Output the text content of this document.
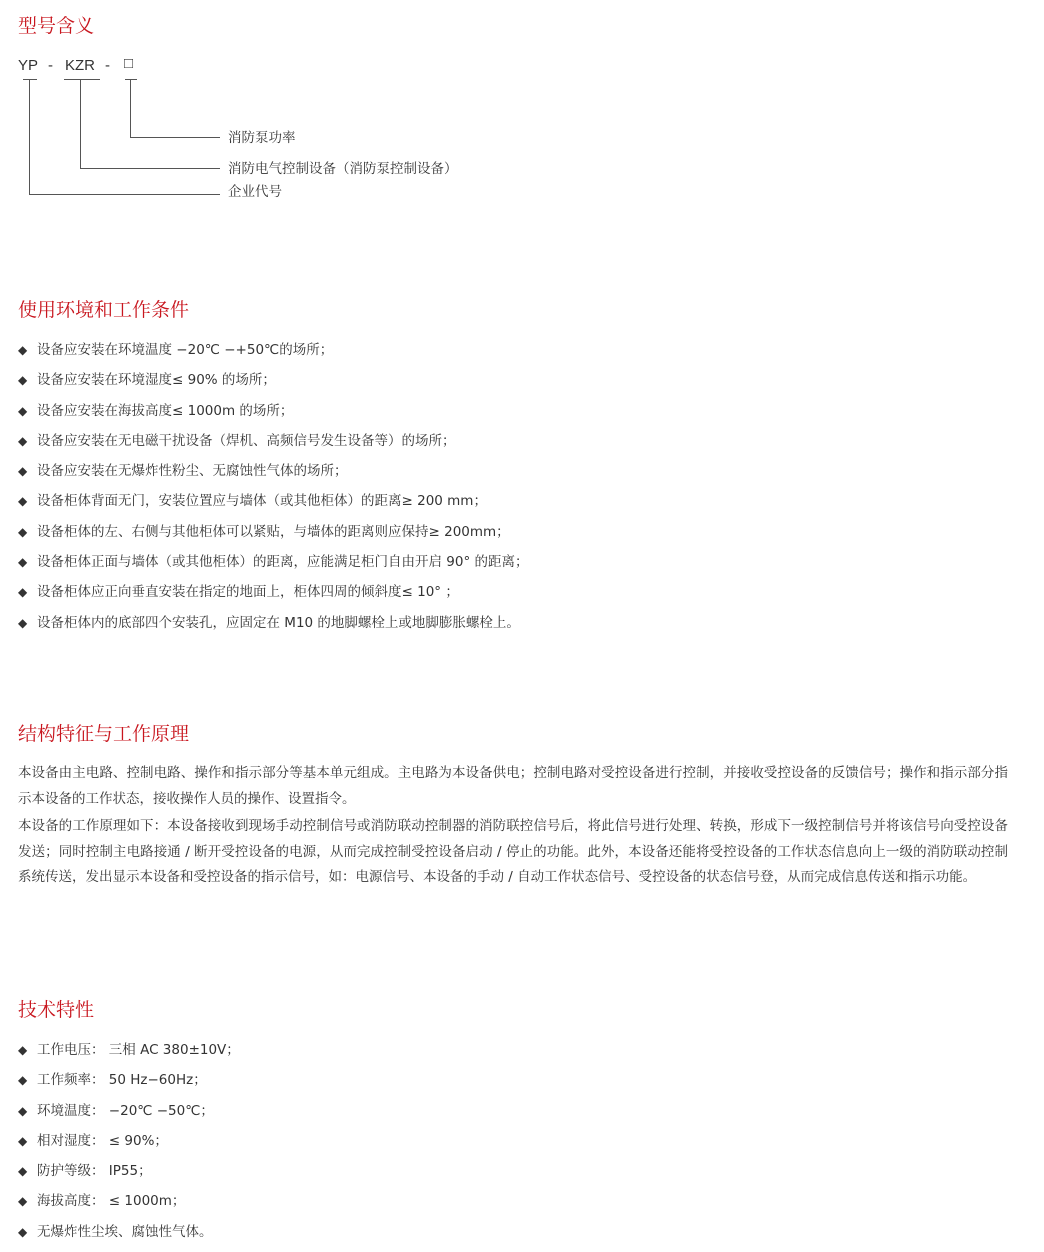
型号含义
YP - KZR - □
消防泵功率
消防电气控制设备（消防泵控制设备）
企业代号
使用环境和工作条件
◆ 设备应安装在环境温度 −20℃ −+50℃的场所；
◆ 设备应安装在环境湿度≤ 90% 的场所；
◆ 设备应安装在海拔高度≤ 1000m 的场所；
◆ 设备应安装在无电磁干扰设备（焊机、高频信号发生设备等）的场所；
◆ 设备应安装在无爆炸性粉尘、无腐蚀性气体的场所；
◆ 设备柜体背面无门，安装位置应与墙体（或其他柜体）的距离≥ 200 mm；
◆ 设备柜体的左、右侧与其他柜体可以紧贴，与墙体的距离则应保持≥ 200mm；
◆ 设备柜体正面与墙体（或其他柜体）的距离，应能满足柜门自由开启 90° 的距离；
◆ 设备柜体应正向垂直安装在指定的地面上，柜体四周的倾斜度≤ 10° ；
◆ 设备柜体内的底部四个安装孔，应固定在 M10 的地脚螺栓上或地脚膨胀螺栓上。
结构特征与工作原理

本设备由主电路、控制电路、操作和指示部分等基本单元组成。主电路为本设备供电；控制电路对受控设备进行控制，并接收受控设备的反馈信号；操作和指示部分指示本设备的工作状态，接收操作人员的操作、设置指令。

本设备的工作原理如下：本设备接收到现场手动控制信号或消防联动控制器的消防联控信号后，将此信号进行处理、转换，形成下一级控制信号并将该信号向受控设备发送；同时控制主电路接通 / 断开受控设备的电源，从而完成控制受控设备启动 / 停止的功能。此外，本设备还能将受控设备的工作状态信息向上一级的消防联动控制系统传送，发出显示本设备和受控设备的指示信号，如：电源信号、本设备的手动 / 自动工作状态信号、受控设备的状态信号登，从而完成信息传送和指示功能。

技术特性
◆ 工作电压： 三相 AC 380±10V；
◆ 工作频率： 50 Hz−60Hz；
◆ 环境温度： −20℃ −50℃；
◆ 相对湿度： ≤ 90%；
◆ 防护等级： IP55；
◆ 海拔高度： ≤ 1000m；
◆ 无爆炸性尘埃、腐蚀性气体。
